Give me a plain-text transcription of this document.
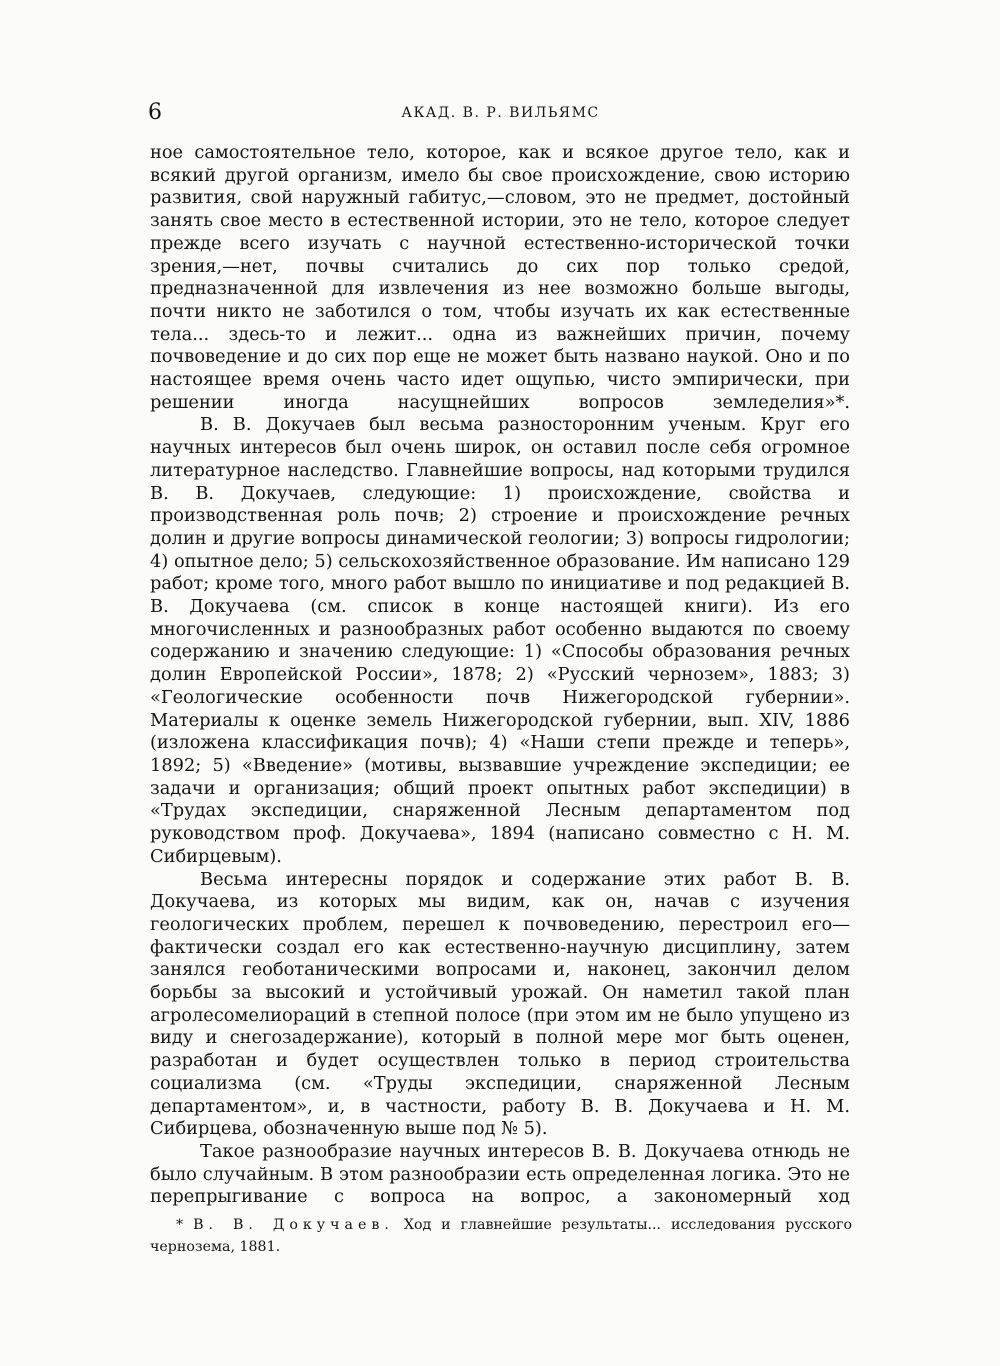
6	АКАД. В. Р. ВИЛЬЯМС

ное самостоятельное тело, которое, как и всякое другое тело, как и всякий другой организм, имело бы свое происхождение, свою историю развития, свой наружный габитус,—словом, это не предмет, достойный занять свое место в естественной истории, это не тело, которое следует прежде всего изучать с научной естественно-исторической точки зрения,—нет, почвы считались до сих пор только средой, предназначенной для извлечения из нее возможно больше выгоды, почти никто не заботился о том, чтобы изучать их как естественные тела... здесь-то и лежит... одна из важнейших причин, почему почвоведение и до сих пор еще не может быть названо наукой. Оно и по настоящее время очень часто идет ощупью, чисто эмпирически, при решении иногда насущнейших вопросов земледелия»*.

В. В. Докучаев был весьма разносторонним ученым. Круг его научных интересов был очень широк, он оставил после себя огромное литературное наследство. Главнейшие вопросы, над которыми трудился В. В. Докучаев, следующие: 1) происхождение, свойства и производственная роль почв; 2) строение и происхождение речных долин и другие вопросы динамической геологии; 3) вопросы гидрологии; 4) опытное дело; 5) сельскохозяйственное образование. Им написано 129 работ; кроме того, много работ вышло по инициативе и под редакцией В. В. Докучаева (см. список в конце настоящей книги). Из его многочисленных и разнообразных работ особенно выдаются по своему содержанию и значению следующие: 1) «Способы образования речных долин Европейской России», 1878; 2) «Русский чернозем», 1883; 3) «Геологические особенности почв Нижегородской губернии». Материалы к оценке земель Нижегородской губернии, вып. XIV, 1886 (изложена классификация почв); 4) «Наши степи прежде и теперь», 1892; 5) «Введение» (мотивы, вызвавшие учреждение экспедиции; ее задачи и организация; общий проект опытных работ экспедиции) в «Трудах экспедиции, снаряженной Лесным департаментом под руководством проф. Докучаева», 1894 (написано совместно с Н. М. Сибирцевым).

Весьма интересны порядок и содержание этих работ В. В. Докучаева, из которых мы видим, как он, начав с изучения геологических проблем, перешел к почвоведению, перестроил его—фактически создал его как естественно-научную дисциплину, затем занялся геоботаническими вопросами и, наконец, закончил делом борьбы за высокий и устойчивый урожай. Он наметил такой план агролесомелиораций в степной полосе (при этом им не было упущено из виду и снегозадержание), который в полной мере мог быть оценен, разработан и будет осуществлен только в период строительства социализма (см. «Труды экспедиции, снаряженной Лесным департаментом», и, в частности, работу В. В. Докучаева и Н. М. Сибирцева, обозначенную выше под № 5).

Такое разнообразие научных интересов В. В. Докучаева отнюдь не было случайным. В этом разнообразии есть определенная логика. Это не перепрыгивание с вопроса на вопрос, а закономерный ход

* В. В. Докучаев. Ход и главнейшие результаты... исследования русского чернозема, 1881.
